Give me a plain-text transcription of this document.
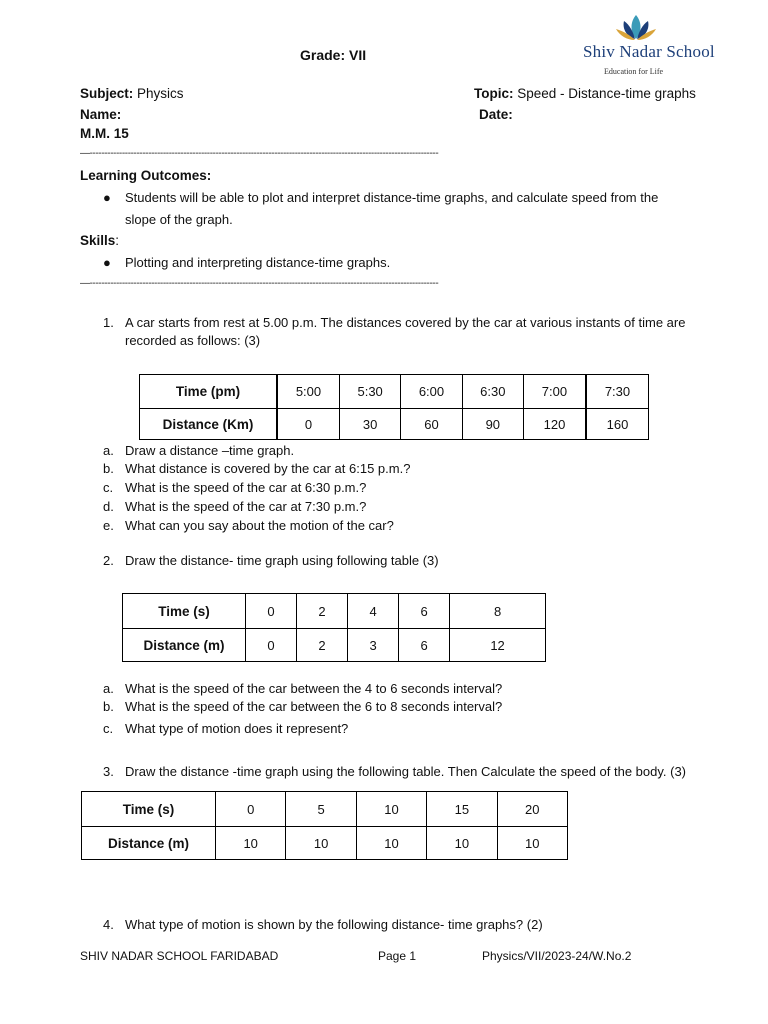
Grade: VII	Shiv Nadar School
Education for Life
Subject: Physics	Topic: Speed - Distance-time graphs
Name:	Date:
M.M. 15
—-----------------------------------------------------------------------------------------------------------------------
Learning Outcomes:
● Students will be able to plot and interpret distance-time graphs, and calculate speed from the
slope of the graph.
Skills:
● Plotting and interpreting distance-time graphs.
—-----------------------------------------------------------------------------------------------------------------------
1. A car starts from rest at 5.00 p.m. The distances covered by the car at various instants of time are
recorded as follows: (3)
Time (pm)	5:00	5:30	6:00	6:30	7:00	7:30
Distance (Km)	0	30	60	90	120	160
a. Draw a distance –time graph.
b. What distance is covered by the car at 6:15 p.m.?
c. What is the speed of the car at 6:30 p.m.?
d. What is the speed of the car at 7:30 p.m.?
e. What can you say about the motion of the car?
2. Draw the distance- time graph using following table (3)
Time (s)	0	2	4	6	8
Distance (m)	0	2	3	6	12
a. What is the speed of the car between the 4 to 6 seconds interval?
b. What is the speed of the car between the 6 to 8 seconds interval?
c. What type of motion does it represent?
3. Draw the distance -time graph using the following table. Then Calculate the speed of the body. (3)
Time (s)	0	5	10	15	20
Distance (m)	10	10	10	10	10
4. What type of motion is shown by the following distance- time graphs? (2)
SHIV NADAR SCHOOL FARIDABAD	Page 1	Physics/VII/2023-24/W.No.2
